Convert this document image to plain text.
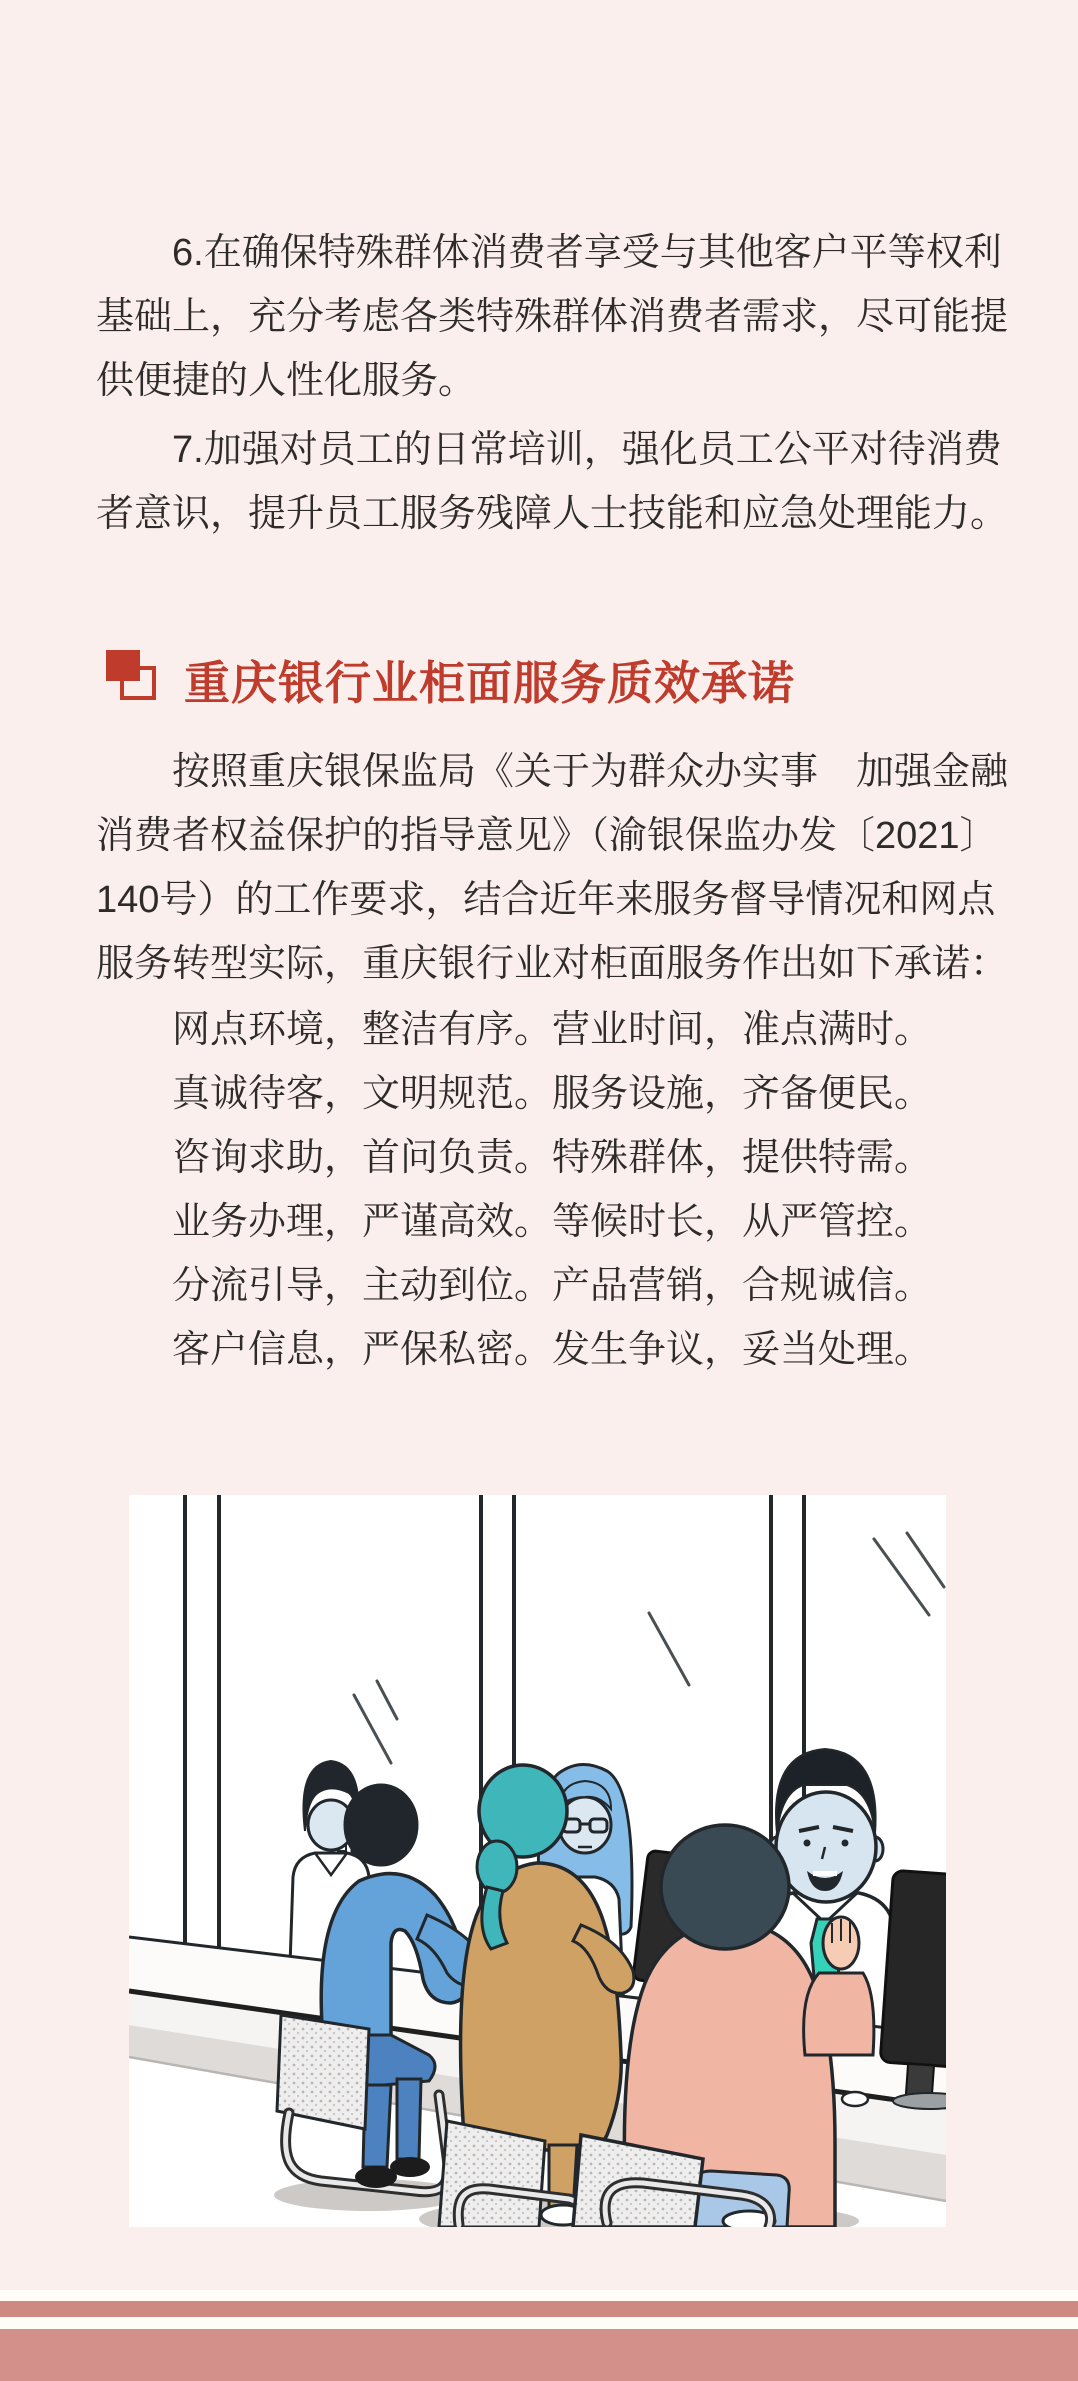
6.在确保特殊群体消费者享受与其他客户平等权利
基础上，充分考虑各类特殊群体消费者需求，尽可能提
供便捷的人性化服务。
7.加强对员工的日常培训，强化员工公平对待消费
者意识，提升员工服务残障人士技能和应急处理能力。
重庆银行业柜面服务质效承诺
按照重庆银保监局《关于为群众办实事　加强金融
消费者权益保护的指导意见》（渝银保监办发〔2021〕
140号）的工作要求，结合近年来服务督导情况和网点
服务转型实际，重庆银行业对柜面服务作出如下承诺：
网点环境，整洁有序。营业时间，准点满时。
真诚待客，文明规范。服务设施，齐备便民。
咨询求助，首问负责。特殊群体，提供特需。
业务办理，严谨高效。等候时长，从严管控。
分流引导，主动到位。产品营销，合规诚信。
客户信息，严保私密。发生争议，妥当处理。
